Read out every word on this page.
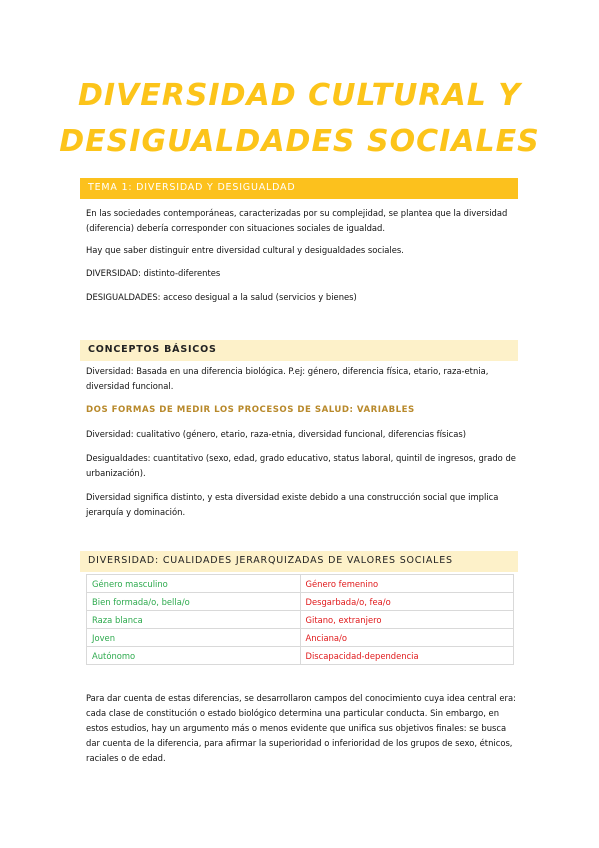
DIVERSIDAD CULTURAL Y
DESIGUALDADES SOCIALES
TEMA 1: DIVERSIDAD Y DESIGUALDAD
En las sociedades contemporáneas, caracterizadas por su complejidad, se plantea que la diversidad (diferencia) debería corresponder con situaciones sociales de igualdad.
Hay que saber distinguir entre diversidad cultural y desigualdades sociales.
DIVERSIDAD: distinto-diferentes
DESIGUALDADES: acceso desigual a la salud (servicios y bienes)
CONCEPTOS BÁSICOS
Diversidad: Basada en una diferencia biológica. P.ej: género, diferencia física, etario, raza-etnia, diversidad funcional.
DOS FORMAS DE MEDIR LOS PROCESOS DE SALUD: VARIABLES
Diversidad: cualitativo (género, etario, raza-etnia, diversidad funcional, diferencias físicas)
Desigualdades: cuantitativo (sexo, edad, grado educativo, status laboral, quintil de ingresos, grado de urbanización).
Diversidad significa distinto, y esta diversidad existe debido a una construcción social que implica jerarquía y dominación.
DIVERSIDAD: CUALIDADES JERARQUIZADAS DE VALORES SOCIALES
Género masculino	Género femenino
Bien formada/o, bella/o	Desgarbada/o, fea/o
Raza blanca	Gitano, extranjero
Joven	Anciana/o
Autónomo	Discapacidad-dependencia
Para dar cuenta de estas diferencias, se desarrollaron campos del conocimiento cuya idea central era: cada clase de constitución o estado biológico determina una particular conducta. Sin embargo, en estos estudios, hay un argumento más o menos evidente que unifica sus objetivos finales: se busca dar cuenta de la diferencia, para afirmar la superioridad o inferioridad de los grupos de sexo, étnicos, raciales o de edad.
